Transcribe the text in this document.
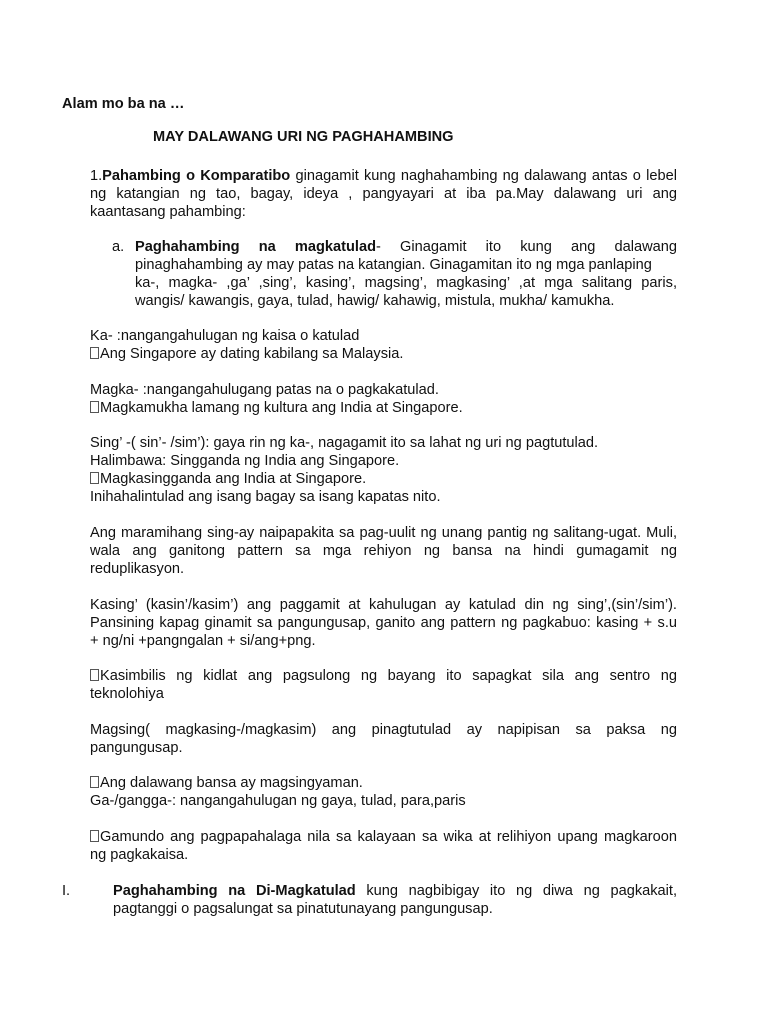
Alam mo ba na …
MAY DALAWANG URI NG PAGHAHAMBING
1.Pahambing o Komparatibo ginagamit kung naghahambing ng dalawang antas o lebel
ng katangian ng tao, bagay, ideya , pangyayari at iba pa.May dalawang uri ang
kaantasang pahambing:
a. Paghahambing na magkatulad- Ginagamit ito kung ang dalawang
pinaghahambing ay may patas na katangian. Ginagamitan ito ng mga panlaping
ka-, magka- ,ga’ ,sing’, kasing’, magsing’, magkasing’ ,at mga salitang paris,
wangis/ kawangis, gaya, tulad, hawig/ kahawig, mistula, mukha/ kamukha.
Ka- :nangangahulugan ng kaisa o katulad
Ang Singapore ay dating kabilang sa Malaysia.
Magka- :nangangahulugang patas na o pagkakatulad.
Magkamukha lamang ng kultura ang India at Singapore.
Sing’ -( sin’- /sim’): gaya rin ng ka-, nagagamit ito sa lahat ng uri ng pagtutulad.
Halimbawa: Singganda ng India ang Singapore.
Magkasingganda ang India at Singapore.
Inihahalintulad ang isang bagay sa isang kapatas nito.
Ang maramihang sing-ay naipapakita sa pag-uulit ng unang pantig ng salitang-ugat. Muli,
wala ang ganitong pattern sa mga rehiyon ng bansa na hindi gumagamit ng
reduplikasyon.
Kasing’ (kasin’/kasim’) ang paggamit at kahulugan ay katulad din ng sing’,(sin’/sim’).
Pansining kapag ginamit sa pangungusap, ganito ang pattern ng pagkabuo: kasing + s.u
+ ng/ni +pangngalan + si/ang+png.
Kasimbilis ng kidlat ang pagsulong ng bayang ito sapagkat sila ang sentro ng
teknolohiya
Magsing( magkasing-/magkasim) ang pinagtutulad ay napipisan sa paksa ng
pangungusap.
Ang dalawang bansa ay magsingyaman.
Ga-/gangga-: nangangahulugan ng gaya, tulad, para,paris
Gamundo ang pagpapahalaga nila sa kalayaan sa wika at relihiyon upang magkaroon
ng pagkakaisa.
I.	Paghahambing na Di-Magkatulad kung nagbibigay ito ng diwa ng pagkakait,
pagtanggi o pagsalungat sa pinatutunayang pangungusap.
